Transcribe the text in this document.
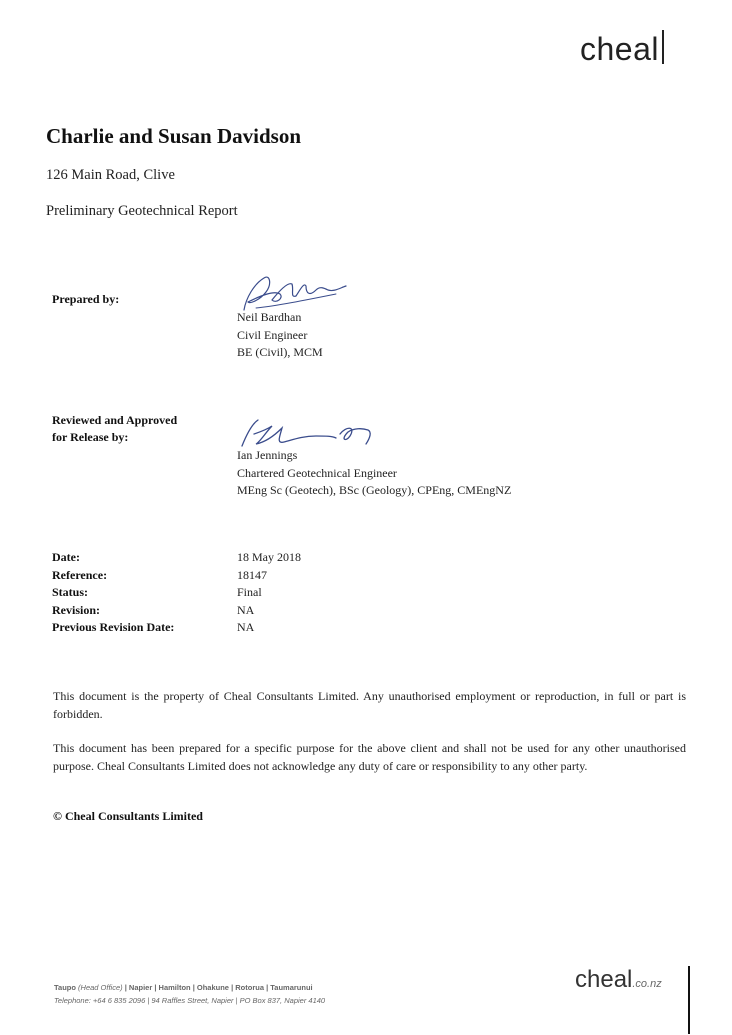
cheal
Charlie and Susan Davidson
126 Main Road, Clive
Preliminary Geotechnical Report
Prepared by:
Neil Bardhan
Civil Engineer
BE (Civil), MCM
Reviewed and Approved
for Release by:
Ian Jennings
Chartered Geotechnical Engineer
MEng Sc (Geotech), BSc (Geology), CPEng, CMEngNZ
Date:	18 May 2018
Reference:	18147
Status:	Final
Revision:	NA
Previous Revision Date:	NA

This document is the property of Cheal Consultants Limited. Any unauthorised employment or reproduction, in full or part is forbidden.

This document has been prepared for a specific purpose for the above client and shall not be used for any other unauthorised purpose. Cheal Consultants Limited does not acknowledge any duty of care or responsibility to any other party.

© Cheal Consultants Limited
Taupo (Head Office) | Napier | Hamilton | Ohakune | Rotorua | Taumarunui
Telephone: +64 6 835 2096 | 94 Raffles Street, Napier | PO Box 837, Napier 4140
cheal.co.nz
